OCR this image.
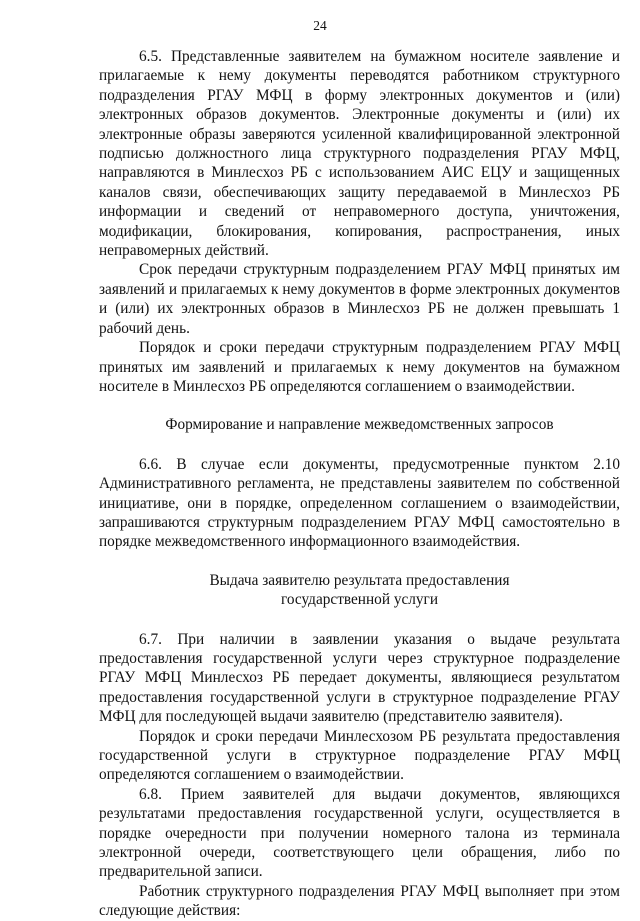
24

6.5. Представленные заявителем на бумажном носителе заявление и прилагаемые к нему документы переводятся работником структурного подразделения РГАУ МФЦ в форму электронных документов и (или) электронных образов документов. Электронные документы и (или) их электронные образы заверяются усиленной квалифицированной электронной подписью должностного лица структурного подразделения РГАУ МФЦ, направляются в Минлесхоз РБ с использованием АИС ЕЦУ и защищенных каналов связи, обеспечивающих защиту передаваемой в Минлесхоз РБ информации и сведений от неправомерного доступа, уничтожения, модификации, блокирования, копирования, распространения, иных неправомерных действий.

Срок передачи структурным подразделением РГАУ МФЦ принятых им заявлений и прилагаемых к нему документов в форме электронных документов и (или) их электронных образов в Минлесхоз РБ не должен превышать 1 рабочий день.

Порядок и сроки передачи структурным подразделением РГАУ МФЦ принятых им заявлений и прилагаемых к нему документов на бумажном носителе в Минлесхоз РБ определяются соглашением о взаимодействии.

Формирование и направление межведомственных запросов

6.6. В случае если документы, предусмотренные пунктом 2.10 Административного регламента, не представлены заявителем по собственной инициативе, они в порядке, определенном соглашением о взаимодействии, запрашиваются структурным подразделением РГАУ МФЦ самостоятельно в порядке межведомственного информационного взаимодействия.

Выдача заявителю результата предоставления

государственной услуги

6.7. При наличии в заявлении указания о выдаче результата предоставления государственной услуги через структурное подразделение РГАУ МФЦ Минлесхоз РБ передает документы, являющиеся результатом предоставления государственной услуги в структурное подразделение РГАУ МФЦ для последующей выдачи заявителю (представителю заявителя).

Порядок и сроки передачи Минлесхозом РБ результата предоставления государственной услуги в структурное подразделение РГАУ МФЦ определяются соглашением о взаимодействии.

6.8. Прием заявителей для выдачи документов, являющихся результатами предоставления государственной услуги, осуществляется в порядке очередности при получении номерного талона из терминала электронной очереди, соответствующего цели обращения, либо по предварительной записи.

Работник структурного подразделения РГАУ МФЦ выполняет при этом следующие действия:
